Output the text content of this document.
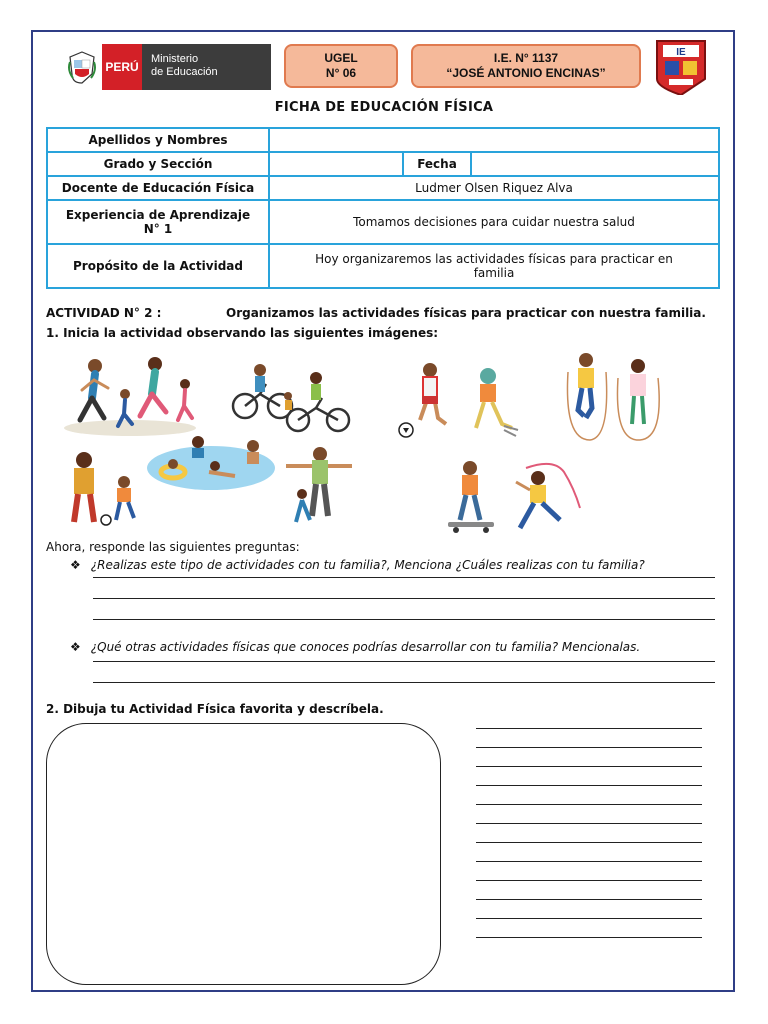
PERÚ
Ministerio
de Educación
UGEL
N° 06
I.E. N° 1137
“JOSÉ ANTONIO ENCINAS”
IE
FICHA DE EDUCACIÓN FÍSICA
Apellidos y Nombres			
Grado y Sección		Fecha	
Docente de Educación Física	Ludmer Olsen Riquez Alva		

Experiencia de Aprendizaje
N° 1	Tomamos decisiones para cuidar nuestra salud		
Propósito de la Actividad	Hoy organizaremos las actividades físicas para practicar en
familia		
ACTIVIDAD N° 2 :	Organizamos las actividades físicas para practicar con nuestra familia.
1. Inicia la actividad observando las siguientes imágenes:
Ahora, responde las siguientes preguntas:
❖ ¿Realizas este tipo de actividades con tu familia?, Menciona ¿Cuáles realizas con tu familia?
❖ ¿Qué otras actividades físicas que conoces podrías desarrollar con tu familia? Mencionalas.
2. Dibuja tu Actividad Física favorita y descríbela.
